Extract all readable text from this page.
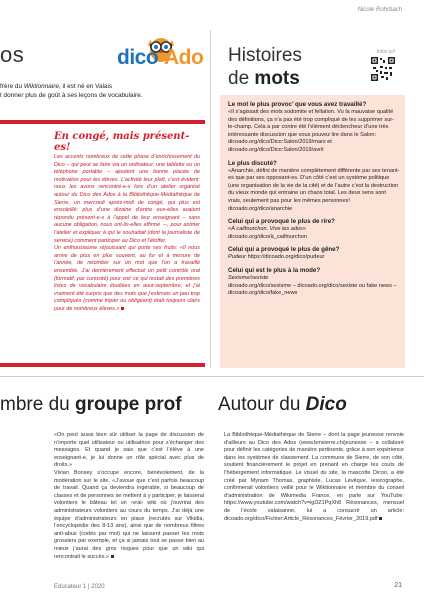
Nicole Rohrbach
os	dico Ado

frère du Wiktionnaire, il est né en Valais

t donner plus de goût à ses leçons de vocabulaire.

En congé, mais présent-es!

Les accents nombreux de cette phase d’enrichissement du Dico – qui peut se faire via un ordinateur, une tablette ou un téléphone portable – ajoutent une bonne placée de motivation pour les élèves. L’activité leur plaît, c’est évident: nous les avons rencontré-e-s lors d’un atelier organisé autour du Dico des Ados à la Bibliothèque-Médiathèque de Sierre, un mercredi après-midi de congé, qui plus est ensoleillé: plus d’une dizaine d’entre eux-elles avaient répondu présent-e-s à l’appel de leur enseignant – sans aucune obligation, nous ont-ils-elles affirmé ·–, pour animer l’atelier et expliquer à qui le souhaitait (dont la journaliste de service) comment participer au Dico et l’étoffer.

Un enthousiasme réjouissant qui porte ses fruits: «Il nous arrive de plus en plus souvent, au fur et à mesure de l’année, de retomber sur un mot que l’on a travaillé ensemble. J’ai demièrement effectué un petit contrôle oral (formatif, par curiosité) pour voir ce qui restait des premières listes de vocabulaire étudiées en aout-septembre, et j’ai vraiment été surpris que des mots que j’estimais un peu trop compliqués (comme tripier ou obligeant) était toujours clairs pour de nombreux élèves.»

Histoires
de mots
Infos ici!
Le mot le plus provoc’ que vous avez travaillé?
«Il s’agissait des mots sodomite et fellation. Vu la mauvaise qualité des définitions, ça n’a pas été trop compliqué de les supprimer sur-le-champ. Cela a par contre été l’élément déclencheur d’une très intéressante discussion que vous pouvez lire dans le Salon: dicoado.org/dico/Dico:Salon/2019/mars et dicoado.org/dico/Dico:Salon/2019/avril
Le plus discuté?
«Anarchie, défini de manière complètement différente par ses tenant-es que par ses opposant-es. D’un côté c’est un système politique (une organisation de la vie de la cité) et de l’autre c’est la destruction du vieux monde qui entraine un chaos total. Les deux sens sont vrais, seulement pas pour les mêmes personnes! dicoado.org/dico/anarchie
Celui qui a provoqué le plus de rire?
«À califourchon. Vive les ados»
dicoado.org/dico/à_califourchon
Celui qui a provoqué le plus de gêne?
Pudeur https://dicoado.org/dico/pudeur
Celui qui est le plus à la mode?
Sexisme/sexiste
dicoado.org/dico/sexisme – dicoado.org/dico/sexiste ou fake news – dicoado.org/dico/fake_news
mbre du groupe prof

«On peut aussi bien sûr utiliser la page de discussion de n’importe quel utilisateur ou utilisatrice pour s’échanger des messages. Et quand je sais que c’est l’élève à une enseignant-e, je lui donne un rôle spécial avec plus de droits.»

Vivian Bonsey s’occupe encore, bénévolement, de la modération sur le site. «J’avoue que c’est parfois beaucoup de travail. Quand ça deviendra ingérable, si beaucoup de classes et de personnes se mettent à y participer, je laisserai volontiers le bâteau tel un ‹vrai› wiki où j’ouvrirai des administrateurs volontiers au cours du temps. J’ai déjà une équipe d’administrateurs en place (recrutés sur Vikidia, l’encyclopédie des 8-13 ans), ainsi que de nombreux filtres anti-abus (codés par moi) qui ne laissent passer les mots grossiers par exemple, et ça si jamais tout se passe bien au mieux j’aurai des gros risques pour que un wiki qui rencontrait le succès.»

Autour du Dico

La Bibliothèque-Médiathèque de Sierre – dont la page jeunesse renvoie d’ailleurs au Dico des Ados (www.bmsierre.ch/jeunesse – a collaboré pour définir les catégories de manière pertinente, grâce à son expérience dans les systèmes de classement. La commune de Sierre, de son côté, soutient financièrement le projet en prenant en charge les couts de l’hébergement informatique. Le visuel du site, la mascotte Dicoo, a été créé par Myriam Thomas, graphiste. Lucas Lévêque, lexicographe, confirmerait volontiers veillé pour le Wiktionnaire et membre du conseil d’administration de Wikimedia France, en parle sur YouTube: https://www.youtube.com/watch?v=igDZ1PqXh8 Résonances, mensuel de l’école valaisanne, lui a consacré un article: dicoado.org/dico/Fichier:Article_Résonances_Février_2019.pdf

Educateur 1 | 2020	21
